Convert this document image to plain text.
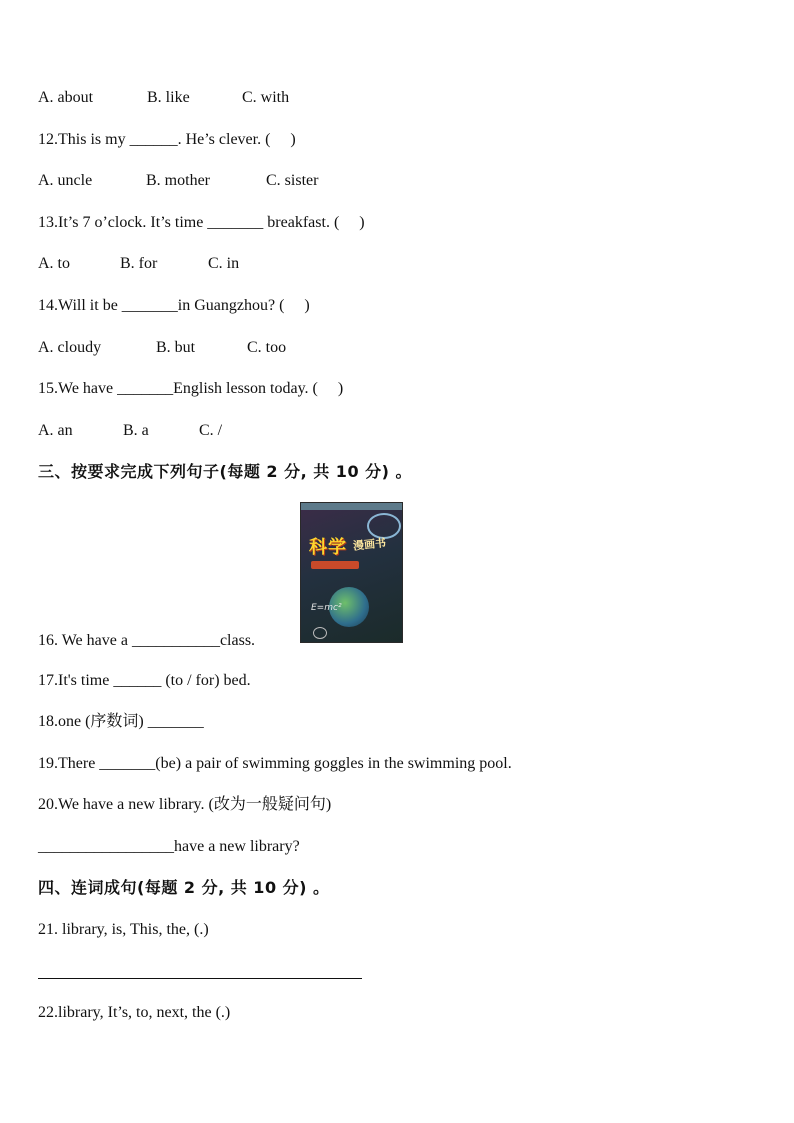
A. about	B. like	C. with
12.This is my ______. He’s clever. (     )
A. uncle	B. mother	C. sister
13.It’s 7 o’clock. It’s time _______ breakfast. (     )
A. to	B. for	C. in
14.Will it be _______in Guangzhou? (     )
A. cloudy	B. but	C. too
15.We have _______English lesson today. (     )
A. an	B. a	C. /
三、按要求完成下列句子(每题 2 分, 共 10 分) 。
科学 漫画书
E=mc²
16. We have a ___________class.
17.It's time ______ (to / for) bed.
18.one (序数词) _______
19.There _______(be) a pair of swimming goggles in the swimming pool.
20.We have a new library. (改为一般疑问句)
_________________have a new library?
四、连词成句(每题 2 分, 共 10 分) 。
21. library, is, This, the, (.)
22.library, It’s, to, next, the (.)
